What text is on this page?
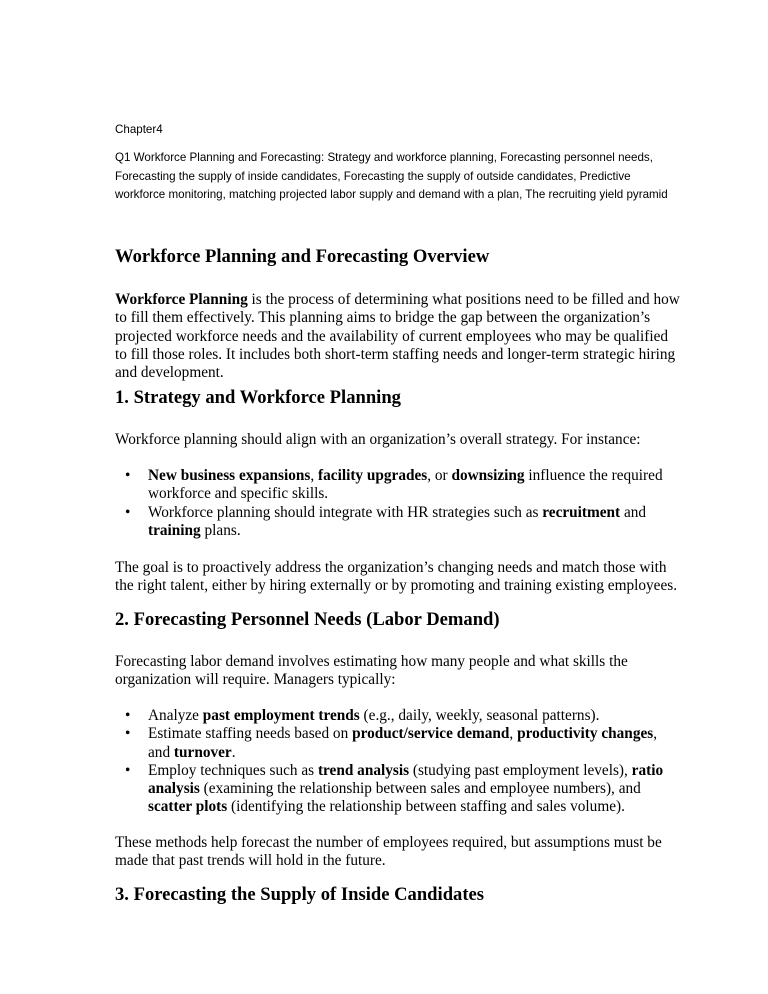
Chapter4
Q1 Workforce Planning and Forecasting: Strategy and workforce planning, Forecasting personnel needs, Forecasting the supply of inside candidates, Forecasting the supply of outside candidates, Predictive workforce monitoring, matching projected labor supply and demand with a plan, The recruiting yield pyramid
Workforce Planning and Forecasting Overview

Workforce Planning is the process of determining what positions need to be filled and how to fill them effectively. This planning aims to bridge the gap between the organization’s projected workforce needs and the availability of current employees who may be qualified to fill those roles. It includes both short-term staffing needs and longer-term strategic hiring and development.

1. Strategy and Workforce Planning

Workforce planning should align with an organization’s overall strategy. For instance:

• New business expansions, facility upgrades, or downsizing influence the required workforce and specific skills.
• Workforce planning should integrate with HR strategies such as recruitment and training plans.

The goal is to proactively address the organization’s changing needs and match those with the right talent, either by hiring externally or by promoting and training existing employees.

2. Forecasting Personnel Needs (Labor Demand)

Forecasting labor demand involves estimating how many people and what skills the organization will require. Managers typically:

• Analyze past employment trends (e.g., daily, weekly, seasonal patterns).
• Estimate staffing needs based on product/service demand, productivity changes, and turnover.
• Employ techniques such as trend analysis (studying past employment levels), ratio analysis (examining the relationship between sales and employee numbers), and scatter plots (identifying the relationship between staffing and sales volume).

These methods help forecast the number of employees required, but assumptions must be made that past trends will hold in the future.

3. Forecasting the Supply of Inside Candidates
